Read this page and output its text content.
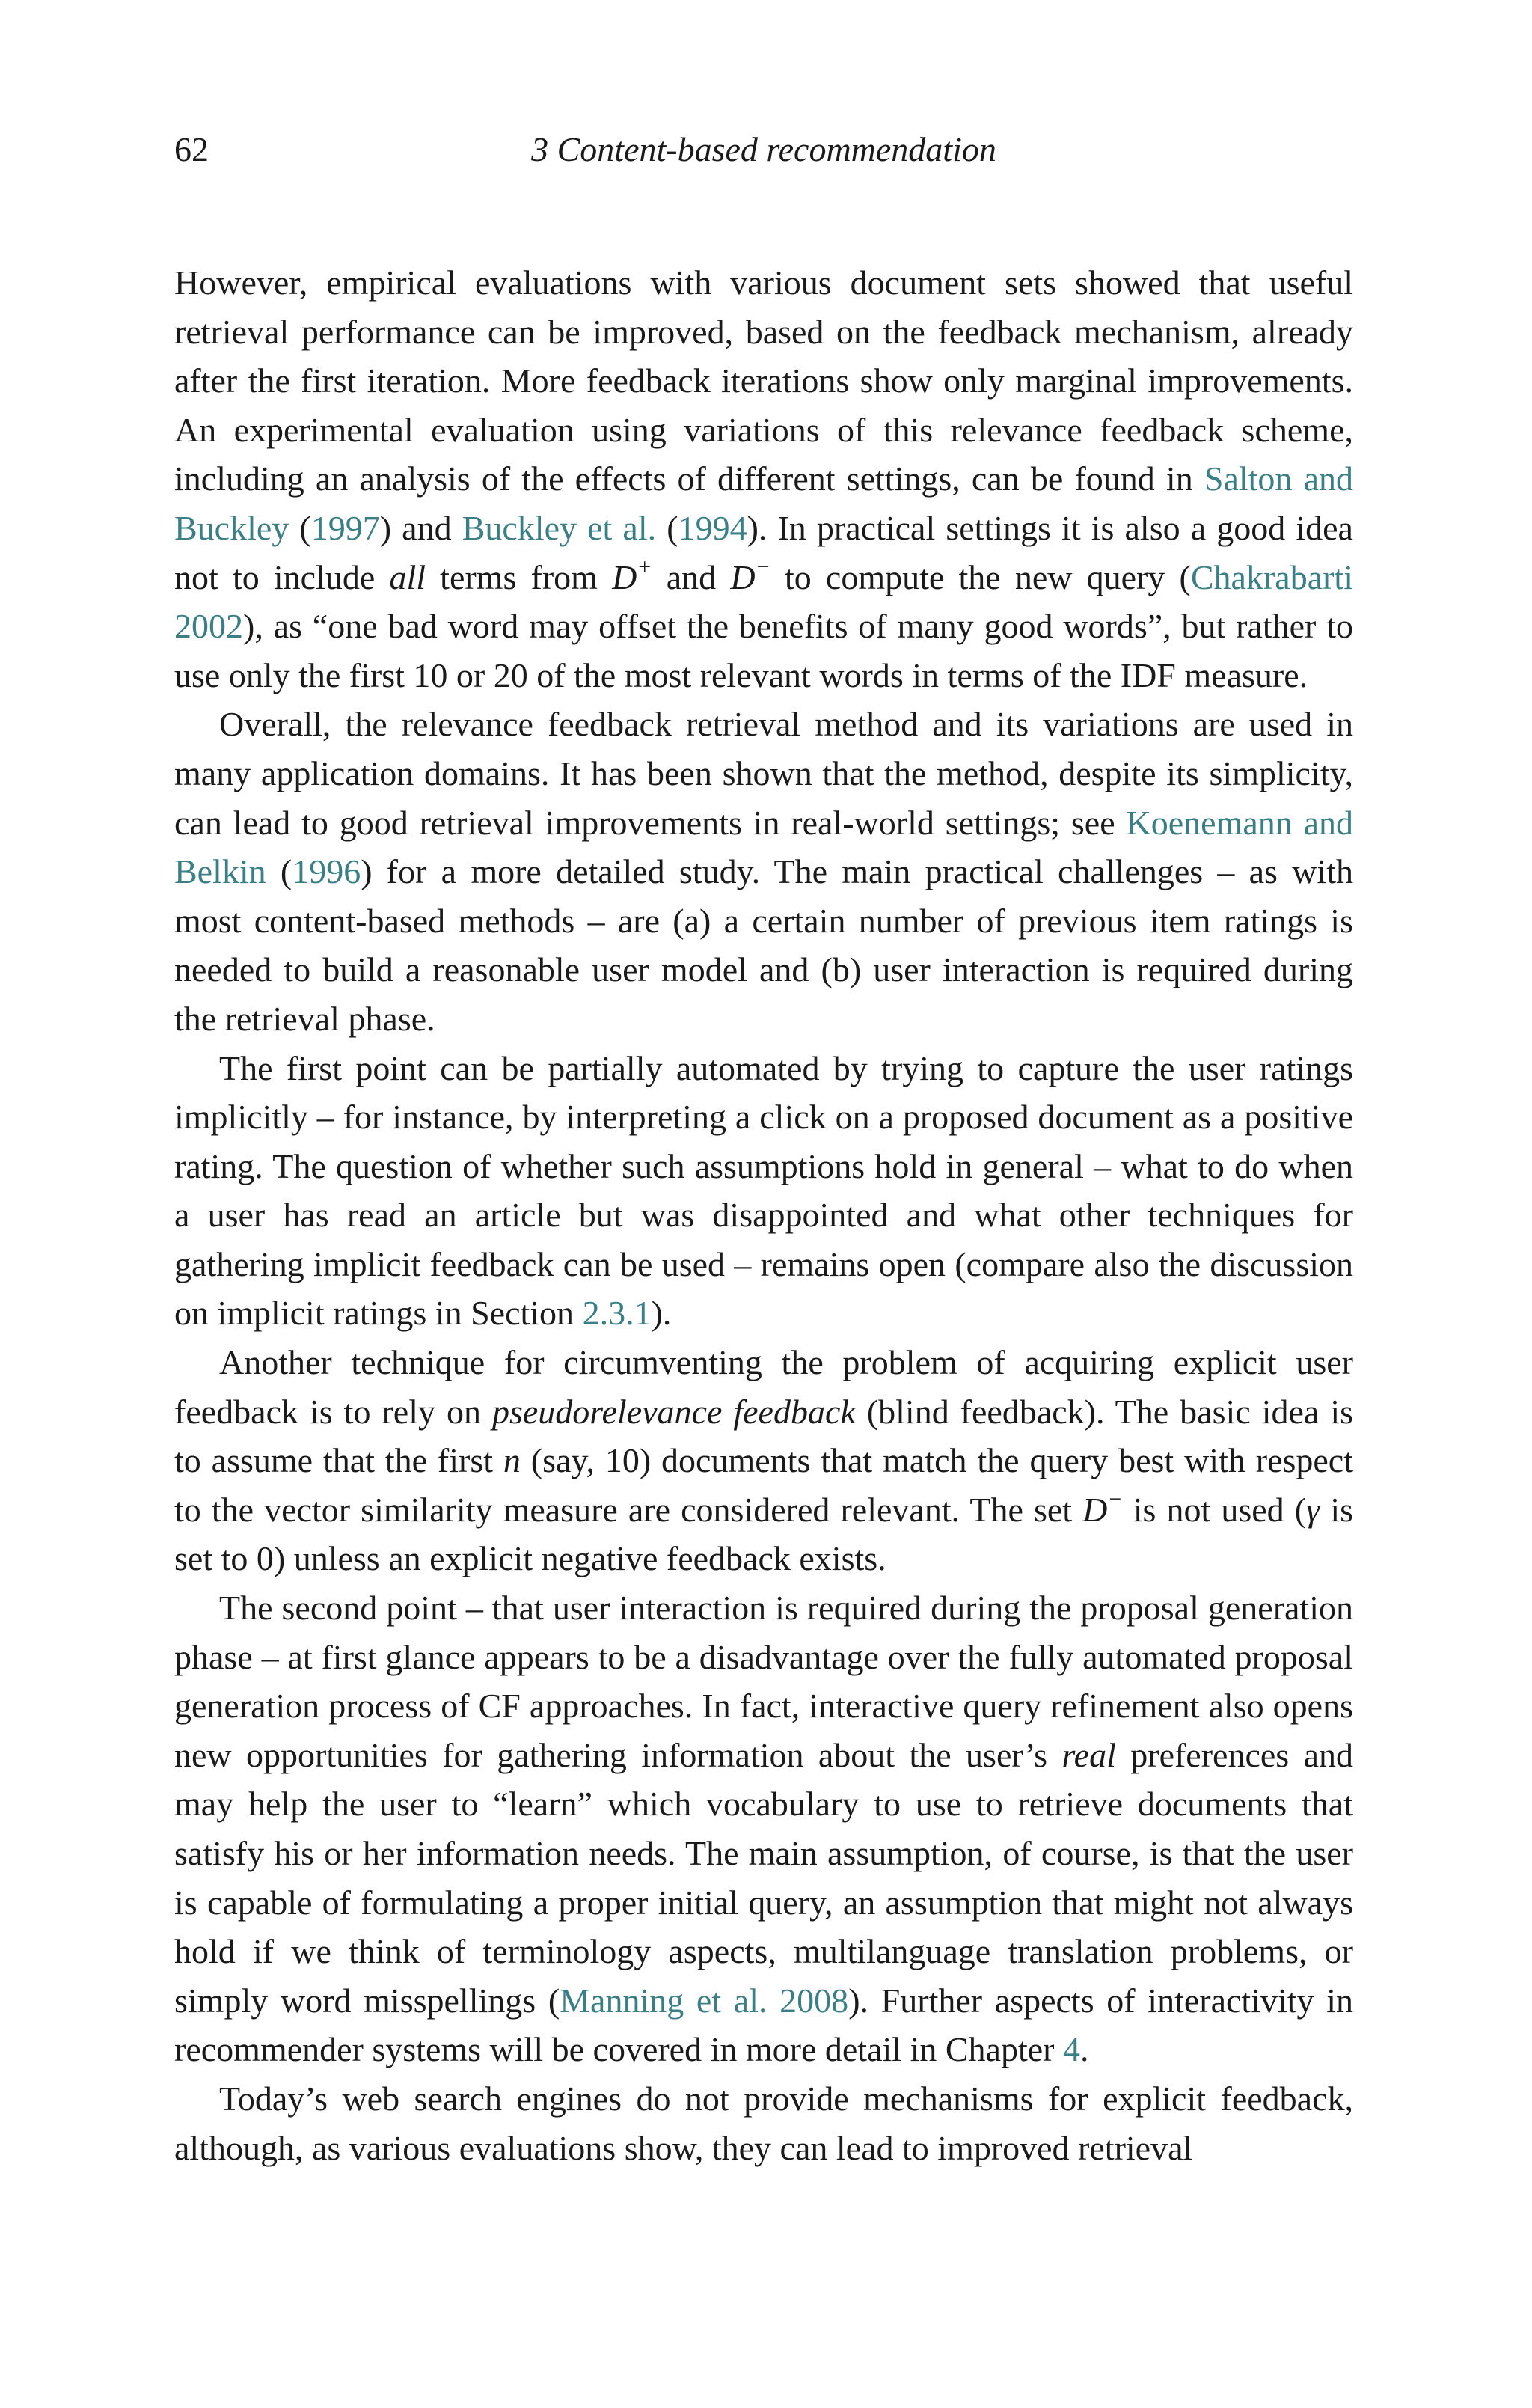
62	3 Content-based recommendation

However, empirical evaluations with various document sets showed that useful retrieval performance can be improved, based on the feedback mechanism, already after the first iteration. More feedback iterations show only marginal improvements. An experimental evaluation using variations of this relevance feedback scheme, including an analysis of the effects of different settings, can be found in Salton and Buckley (1997) and Buckley et al. (1994). In practical settings it is also a good idea not to include all terms from D+ and D− to compute the new query (Chakrabarti 2002), as “one bad word may offset the benefits of many good words”, but rather to use only the first 10 or 20 of the most relevant words in terms of the IDF measure.

Overall, the relevance feedback retrieval method and its variations are used in many application domains. It has been shown that the method, despite its simplicity, can lead to good retrieval improvements in real-world settings; see Koenemann and Belkin (1996) for a more detailed study. The main practical challenges – as with most content-based methods – are (a) a certain number of previous item ratings is needed to build a reasonable user model and (b) user interaction is required during the retrieval phase.

The first point can be partially automated by trying to capture the user ratings implicitly – for instance, by interpreting a click on a proposed document as a positive rating. The question of whether such assumptions hold in general – what to do when a user has read an article but was disappointed and what other techniques for gathering implicit feedback can be used – remains open (compare also the discussion on implicit ratings in Section 2.3.1).

Another technique for circumventing the problem of acquiring explicit user feedback is to rely on pseudorelevance feedback (blind feedback). The basic idea is to assume that the first n (say, 10) documents that match the query best with respect to the vector similarity measure are considered relevant. The set D− is not used (γ is set to 0) unless an explicit negative feedback exists.

The second point – that user interaction is required during the proposal generation phase – at first glance appears to be a disadvantage over the fully automated proposal generation process of CF approaches. In fact, interactive query refinement also opens new opportunities for gathering information about the user’s real preferences and may help the user to “learn” which vocabulary to use to retrieve documents that satisfy his or her information needs. The main assumption, of course, is that the user is capable of formulating a proper initial query, an assumption that might not always hold if we think of terminology aspects, multilanguage translation problems, or simply word misspellings (Manning et al. 2008). Further aspects of interactivity in recommender systems will be covered in more detail in Chapter 4.

Today’s web search engines do not provide mechanisms for explicit feedback, although, as various evaluations show, they can lead to improved retrieval
